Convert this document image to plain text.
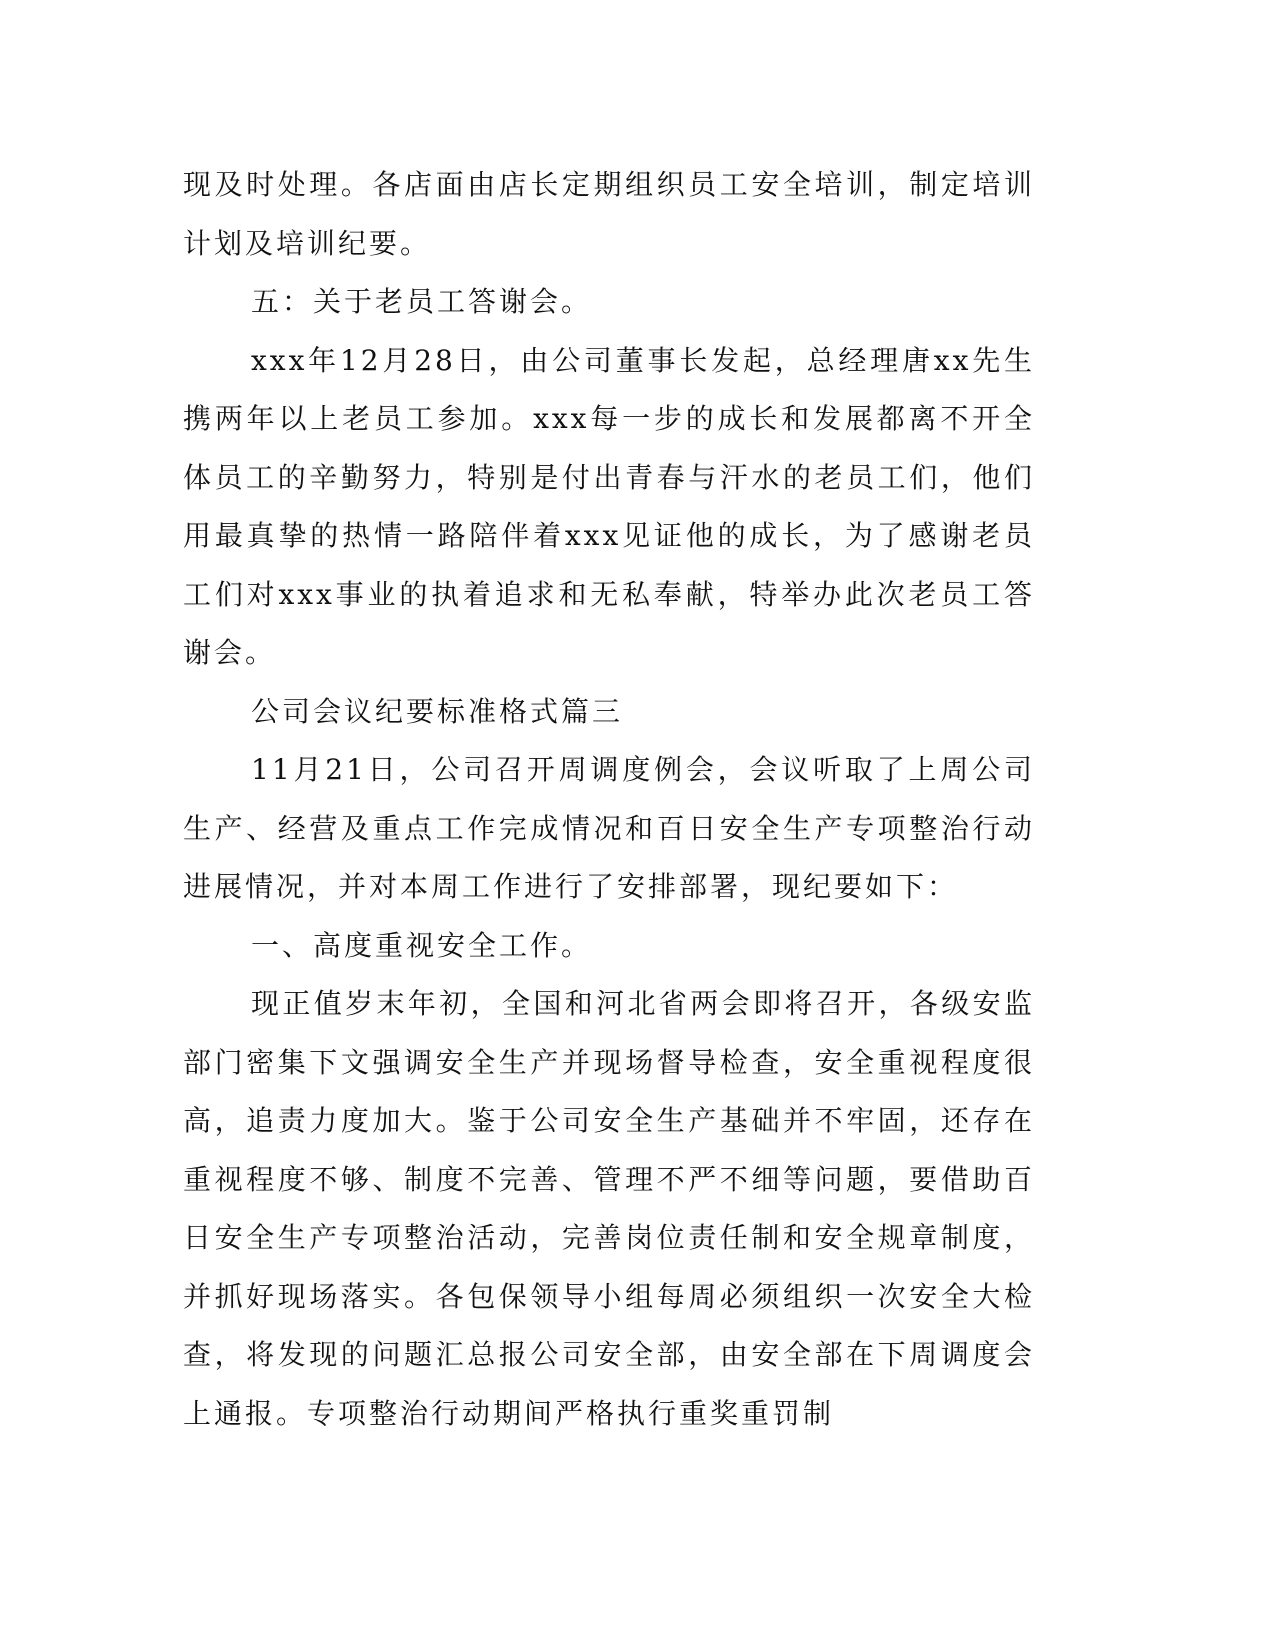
现及时处理。各店面由店长定期组织员工安全培训，制定培训计划及培训纪要。

五：关于老员工答谢会。

xxx年12月28日，由公司董事长发起，总经理唐xx先生携两年以上老员工参加。xxx每一步的成长和发展都离不开全体员工的辛勤努力，特别是付出青春与汗水的老员工们，他们用最真挚的热情一路陪伴着xxx见证他的成长，为了感谢老员工们对xxx事业的执着追求和无私奉献，特举办此次老员工答谢会。

公司会议纪要标准格式篇三

11月21日，公司召开周调度例会，会议听取了上周公司生产、经营及重点工作完成情况和百日安全生产专项整治行动进展情况，并对本周工作进行了安排部署，现纪要如下：

一、高度重视安全工作。

现正值岁末年初，全国和河北省两会即将召开，各级安监部门密集下文强调安全生产并现场督导检查，安全重视程度很高，追责力度加大。鉴于公司安全生产基础并不牢固，还存在重视程度不够、制度不完善、管理不严不细等问题，要借助百日安全生产专项整治活动，完善岗位责任制和安全规章制度，并抓好现场落实。各包保领导小组每周必须组织一次安全大检查，将发现的问题汇总报公司安全部，由安全部在下周调度会上通报。专项整治行动期间严格执行重奖重罚制
